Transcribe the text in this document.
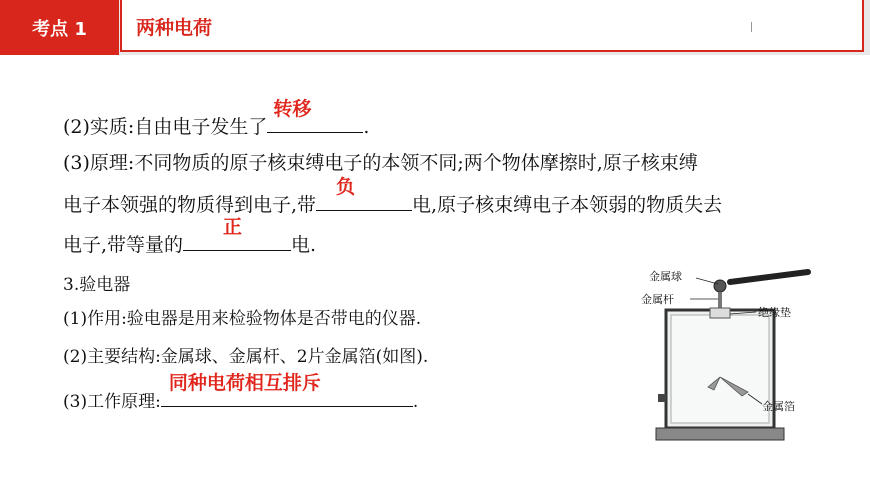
考点 1	两种电荷
(2)实质:自由电子发生了
转移
.
(3)原理:不同物质的原子核束缚电子的本领不同;两个物体摩擦时,原子核束缚
电子本领强的物质得到电子,带
负
电,原子核束缚电子本领弱的物质失去
电子,带等量的
正
电.
3.验电器
(1)作用:验电器是用来检验物体是否带电的仪器.
(2)主要结构:金属球、金属杆、2片金属箔(如图).
(3)工作原理:
同种电荷相互排斥
.
金属球
金属杆
绝缘垫
金属箔
